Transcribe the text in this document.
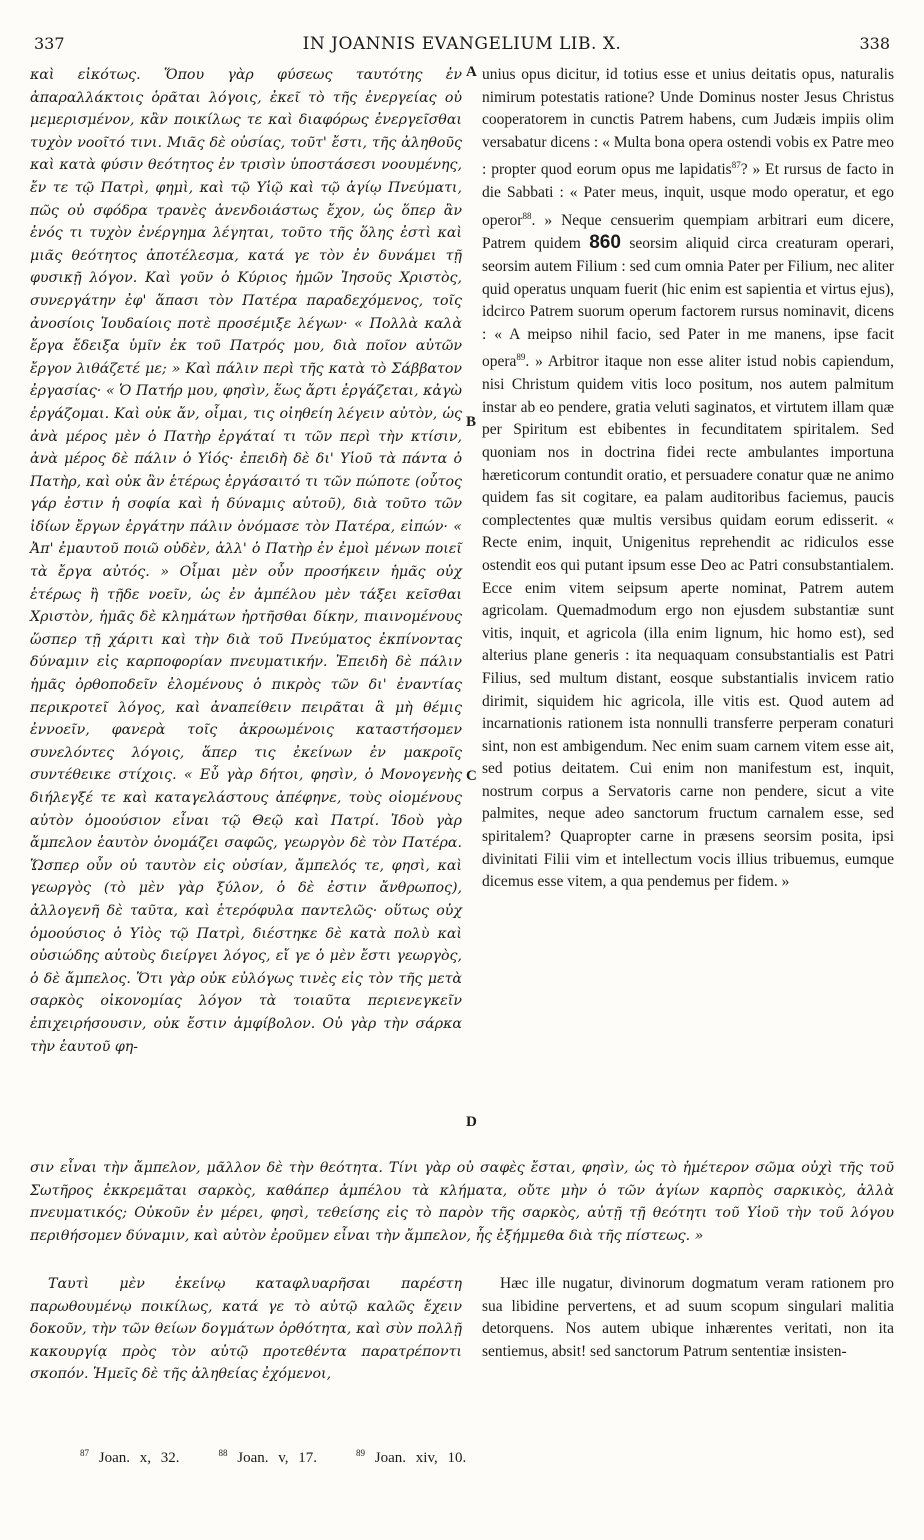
337	IN JOANNIS EVANGELIUM LIB. X.	338
A
B
C
D
καὶ εἰκότως. Ὅπου γὰρ φύσεως ταυτότης ἐν ἀπαραλλάκτοις ὁρᾶται λόγοις, ἐκεῖ τὸ τῆς ἐνεργείας οὐ μεμερισμένον, κἂν ποικίλως τε καὶ διαφόρως ἐνεργεῖσθαι τυχὸν νοοῖτό τινι. Μιᾶς δὲ οὐσίας, τοῦτ' ἔστι, τῆς ἀληθοῦς καὶ κατὰ φύσιν θεότητος ἐν τρισὶν ὑποστάσεσι νοουμένης, ἔν τε τῷ Πατρὶ, φημὶ, καὶ τῷ Υἱῷ καὶ τῷ ἁγίῳ Πνεύματι, πῶς οὐ σφόδρα τρανὲς ἀνενδοιάστως ἔχον, ὡς ὅπερ ἂν ἑνός τι τυχὸν ἐνέργημα λέγηται, τοῦτο τῆς ὅλης ἐστὶ καὶ μιᾶς θεότητος ἀποτέλεσμα, κατά γε τὸν ἐν δυνάμει τῇ φυσικῇ λόγον. Καὶ γοῦν ὁ Κύριος ἡμῶν Ἰησοῦς Χριστὸς, συνεργάτην ἐφ' ἅπασι τὸν Πατέρα παραδεχόμενος, τοῖς ἀνοσίοις Ἰουδαίοις ποτὲ προσέμιξε λέγων· « Πολλὰ καλὰ ἔργα ἔδειξα ὑμῖν ἐκ τοῦ Πατρός μου, διὰ ποῖον αὐτῶν ἔργον λιθάζετέ με; » Καὶ πάλιν περὶ τῆς κατὰ τὸ Σάββατον ἐργασίας· « Ὁ Πατήρ μου, φησὶν, ἕως ἄρτι ἐργάζεται, κἀγὼ ἐργάζομαι. Καὶ οὐκ ἄν, οἶμαι, τις οἰηθείη λέγειν αὐτὸν, ὡς ἀνὰ μέρος μὲν ὁ Πατὴρ ἐργάταί τι τῶν περὶ τὴν κτίσιν, ἀνὰ μέρος δὲ πάλιν ὁ Υἱός· ἐπειδὴ δὲ δι' Υἱοῦ τὰ πάντα ὁ Πατὴρ, καὶ οὐκ ἂν ἑτέρως ἐργάσαιτό τι τῶν πώποτε (οὗτος γάρ ἐστιν ἡ σοφία καὶ ἡ δύναμις αὐτοῦ), διὰ τοῦτο τῶν ἰδίων ἔργων ἐργάτην πάλιν ὀνόμασε τὸν Πατέρα, εἰπών· « Ἀπ' ἐμαυτοῦ ποιῶ οὐδὲν, ἀλλ' ὁ Πατὴρ ἐν ἐμοὶ μένων ποιεῖ τὰ ἔργα αὐτός. » Οἶμαι μὲν οὖν προσήκειν ἡμᾶς οὐχ ἑτέρως ἢ τῇδε νοεῖν, ὡς ἐν ἀμπέλου μὲν τάξει κεῖσθαι Χριστὸν, ἡμᾶς δὲ κλημάτων ἠρτῆσθαι δίκην, πιαινομένους ὥσπερ τῇ χάριτι καὶ τὴν διὰ τοῦ Πνεύματος ἐκπίνοντας δύναμιν εἰς καρποφορίαν πνευματικήν. Ἐπειδὴ δὲ πάλιν ἡμᾶς ὀρθοποδεῖν ἐλομένους ὁ πικρὸς τῶν δι' ἐναντίας περικροτεῖ λόγος, καὶ ἀναπείθειν πειρᾶται ἃ μὴ θέμις ἐννοεῖν, φανερὰ τοῖς ἀκροωμένοις καταστήσομεν συνελόντες λόγοις, ἅπερ τις ἐκείνων ἐν μακροῖς συντέθεικε στίχοις. « Εὖ γὰρ δήτοι, φησὶν, ὁ Μονογενὴς διήλεγξέ τε καὶ καταγελάστους ἀπέφηνε, τοὺς οἰομένους αὐτὸν ὁμοούσιον εἶναι τῷ Θεῷ καὶ Πατρί. Ἰδοὺ γὰρ ἄμπελον ἑαυτὸν ὀνομάζει σαφῶς, γεωργὸν δὲ τὸν Πατέρα. Ὥσπερ οὖν οὐ ταυτὸν εἰς οὐσίαν, ἄμπελός τε, φησὶ, καὶ γεωργὸς (τὸ μὲν γὰρ ξύλον, ὁ δὲ ἐστιν ἄνθρωπος), ἀλλογενῆ δὲ ταῦτα, καὶ ἑτερόφυλα παντελῶς· οὕτως οὐχ ὁμοούσιος ὁ Υἱὸς τῷ Πατρὶ, διέστηκε δὲ κατὰ πολὺ καὶ οὐσιώδης αὐτοὺς διείργει λόγος, εἴ γε ὁ μὲν ἔστι γεωργὸς, ὁ δὲ ἄμπελος. Ὅτι γὰρ οὐκ εὐλόγως τινὲς εἰς τὸν τῆς μετὰ σαρκὸς οἰκονομίας λόγον τὰ τοιαῦτα περιενεγκεῖν ἐπιχειρήσουσιν, οὐκ ἔστιν ἀμφίβολον. Οὐ γὰρ τὴν σάρκα τὴν ἑαυτοῦ φη-
unius opus dicitur, id totius esse et unius deitatis opus, naturalis nimirum potestatis ratione? Unde Dominus noster Jesus Christus cooperatorem in cunctis Patrem habens, cum Judæis impiis olim versabatur dicens : « Multa bona opera ostendi vobis ex Patre meo : propter quod eorum opus me lapidatis$^{87}$? » Et rursus de facto in die Sabbati : « Pater meus, inquit, usque modo operatur, et ego operor$^{88}$. » Neque censuerim quempiam arbitrari eum dicere, Patrem quidem 860 seorsim aliquid circa creaturam operari, seorsim autem Filium : sed cum omnia Pater per Filium, nec aliter quid operatus unquam fuerit (hic enim est sapientia et virtus ejus), idcirco Patrem suorum operum factorem rursus nominavit, dicens : « A meipso nihil facio, sed Pater in me manens, ipse facit opera$^{89}$. » Arbitror itaque non esse aliter istud nobis capiendum, nisi Christum quidem vitis loco positum, nos autem palmitum instar ab eo pendere, gratia veluti saginatos, et virtutem illam quæ per Spiritum est ebibentes in fecunditatem spiritalem. Sed quoniam nos in doctrina fidei recte ambulantes importuna hæreticorum contundit oratio, et persuadere conatur quæ ne animo quidem fas sit cogitare, ea palam auditoribus faciemus, paucis complectentes quæ multis versibus quidam eorum edisserit. « Recte enim, inquit, Unigenitus reprehendit ac ridiculos esse ostendit eos qui putant ipsum esse Deo ac Patri consubstantialem. Ecce enim vitem seipsum aperte nominat, Patrem autem agricolam. Quemadmodum ergo non ejusdem substantiæ sunt vitis, inquit, et agricola (illa enim lignum, hic homo est), sed alterius plane generis : ita nequaquam consubstantialis est Patri Filius, sed multum distant, eosque substantialis invicem ratio dirimit, siquidem hic agricola, ille vitis est. Quod autem ad incarnationis rationem ista nonnulli transferre perperam conaturi sint, non est ambigendum. Nec enim suam carnem vitem esse ait, sed potius deitatem. Cui enim non manifestum est, inquit, nostrum corpus a Servatoris carne non pendere, sicut a vite palmites, neque adeo sanctorum fructum carnalem esse, sed spiritalem? Quapropter carne in præsens seorsim posita, ipsi divinitati Filii vim et intellectum vocis illius tribuemus, eumque dicemus esse vitem, a qua pendemus per fidem. »
σιν εἶναι τὴν ἄμπελον, μᾶλλον δὲ τὴν θεότητα. Τίνι γὰρ οὐ σαφὲς ἔσται, φησὶν, ὡς τὸ ἡμέτερον σῶμα οὐχὶ τῆς τοῦ Σωτῆρος ἐκκρεμᾶται σαρκὸς, καθάπερ ἀμπέλου τὰ κλήματα, οὔτε μὴν ὁ τῶν ἁγίων καρπὸς σαρκικὸς, ἀλλὰ πνευματικός; Οὐκοῦν ἐν μέρει, φησὶ, τεθείσης εἰς τὸ παρὸν τῆς σαρκὸς, αὐτῇ τῇ θεότητι τοῦ Υἱοῦ τὴν τοῦ λόγου περιθήσομεν δύναμιν, καὶ αὐτὸν ἐροῦμεν εἶναι τὴν ἄμπελον, ἧς ἐξήμμεθα διὰ τῆς πίστεως. »
Ταυτὶ μὲν ἐκείνῳ καταφλυαρῆσαι παρέστη παρωθουμένῳ ποικίλως, κατά γε τὸ αὐτῷ καλῶς ἔχειν δοκοῦν, τὴν τῶν θείων δογμάτων ὀρθότητα, καὶ σὺν πολλῇ κακουργίᾳ πρὸς τὸν αὐτῷ προτεθέντα παρατρέποντι σκοπόν. Ἡμεῖς δὲ τῆς ἀληθείας ἐχόμενοι,
Hæc ille nugatur, divinorum dogmatum veram rationem pro sua libidine pervertens, et ad suum scopum singulari malitia detorquens. Nos autem ubique inhærentes veritati, non ita sentiemus, absit! sed sanctorum Patrum sententiæ insisten-
$^{87}$ Joan. x, 32.	$^{88}$ Joan. v, 17.	$^{89}$ Joan. xiv, 10.
